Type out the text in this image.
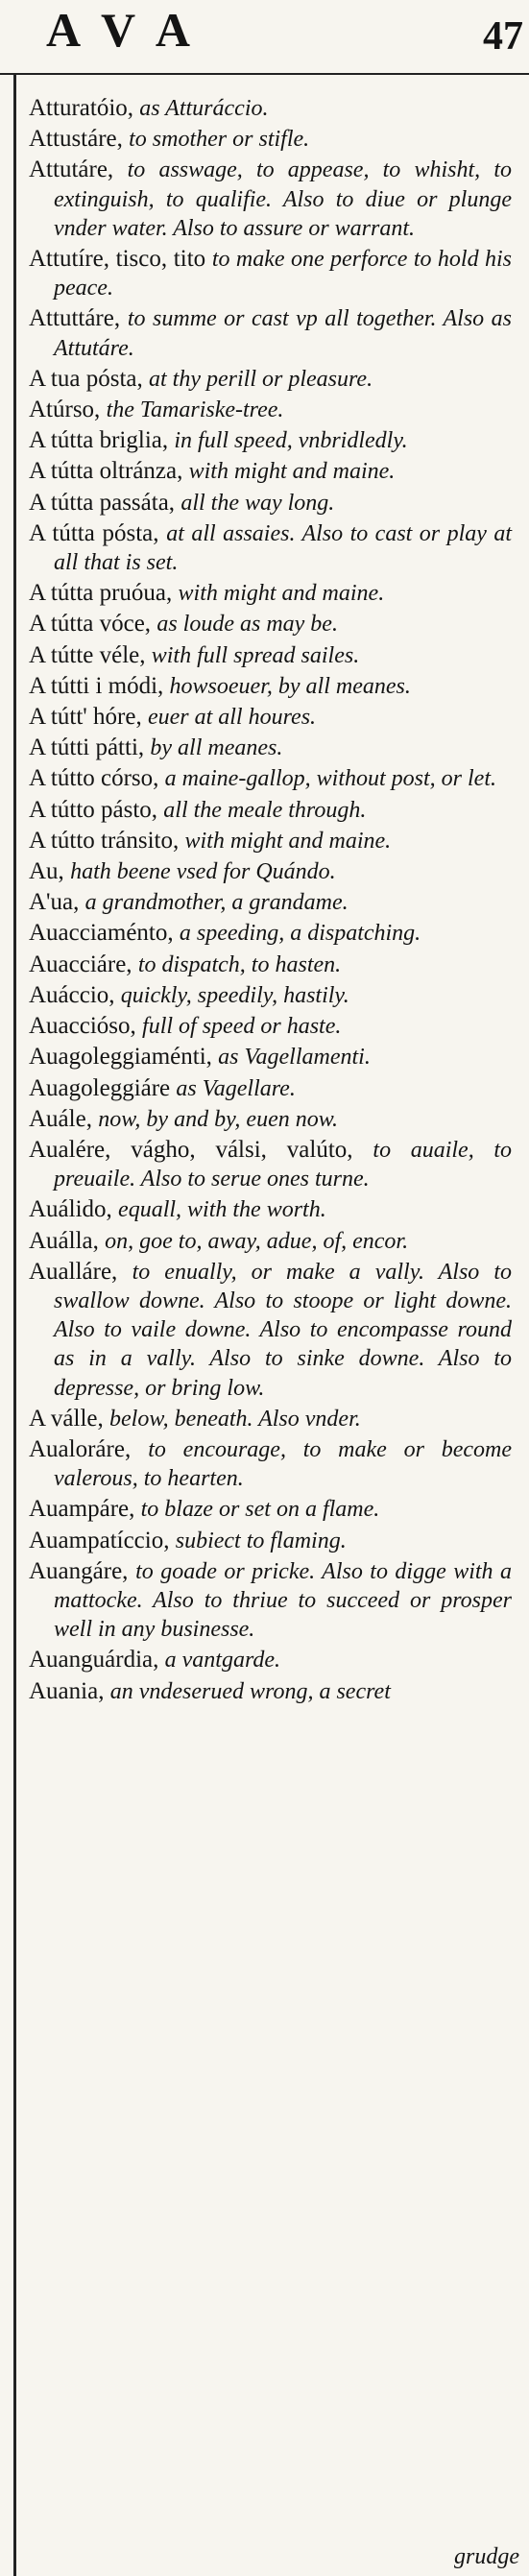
A V A	47
Atturatóio, as Atturáccio.
Attustáre, to smother or stifle.
Attutáre, to asswage, to appease, to whisht, to extinguish, to qualifie. Also to diue or plunge vnder water. Also to assure or warrant.
Attutíre, tisco, tito to make one perforce to hold his peace.
Attuttáre, to summe or cast vp all together. Also as Attutáre.
A tua pósta, at thy perill or pleasure.
Atúrso, the Tamariske-tree.
A tútta briglia, in full speed, vnbridledly.
A tútta oltránza, with might and maine.
A tútta passáta, all the way long.
A tútta pósta, at all assaies. Also to cast or play at all that is set.
A tútta pruóua, with might and maine.
A tútta vóce, as loude as may be.
A tútte véle, with full spread sailes.
A tútti i módi, howsoeuer, by all meanes.
A tútt' hóre, euer at all houres.
A tútti pátti, by all meanes.
A tútto córso, a maine-gallop, without post, or let.
A tútto pásto, all the meale through.
A tútto tránsito, with might and maine.
Au, hath beene vsed for Quándo.
A'ua, a grandmother, a grandame.
Auacciaménto, a speeding, a dispatching.
Auacciáre, to dispatch, to hasten.
Auáccio, quickly, speedily, hastily.
Auaccióso, full of speed or haste.
Auagoleggiaménti, as Vagellamenti.
Auagoleggiáre as Vagellare.
Auále, now, by and by, euen now.
Aualére, vágho, válsi, valúto, to auaile, to preuaile. Also to serue ones turne.
Auálido, equall, with the worth.
Auálla, on, goe to, away, adue, of, encor.
Aualláre, to enually, or make a vally. Also to swallow downe. Also to stoope or light downe. Also to vaile downe. Also to encompasse round as in a vally. Also to sinke downe. Also to depresse, or bring low.
A válle, below, beneath. Also vnder.
Aualoráre, to encourage, to make or become valerous, to hearten.
Auampáre, to blaze or set on a flame.
Auampatíccio, subiect to flaming.
Auangáre, to goade or pricke. Also to digge with a mattocke. Also to thriue to succeed or prosper well in any businesse.
Auanguárdia, a vantgarde.
Auania, an vndeserued wrong, a secret
grudge
